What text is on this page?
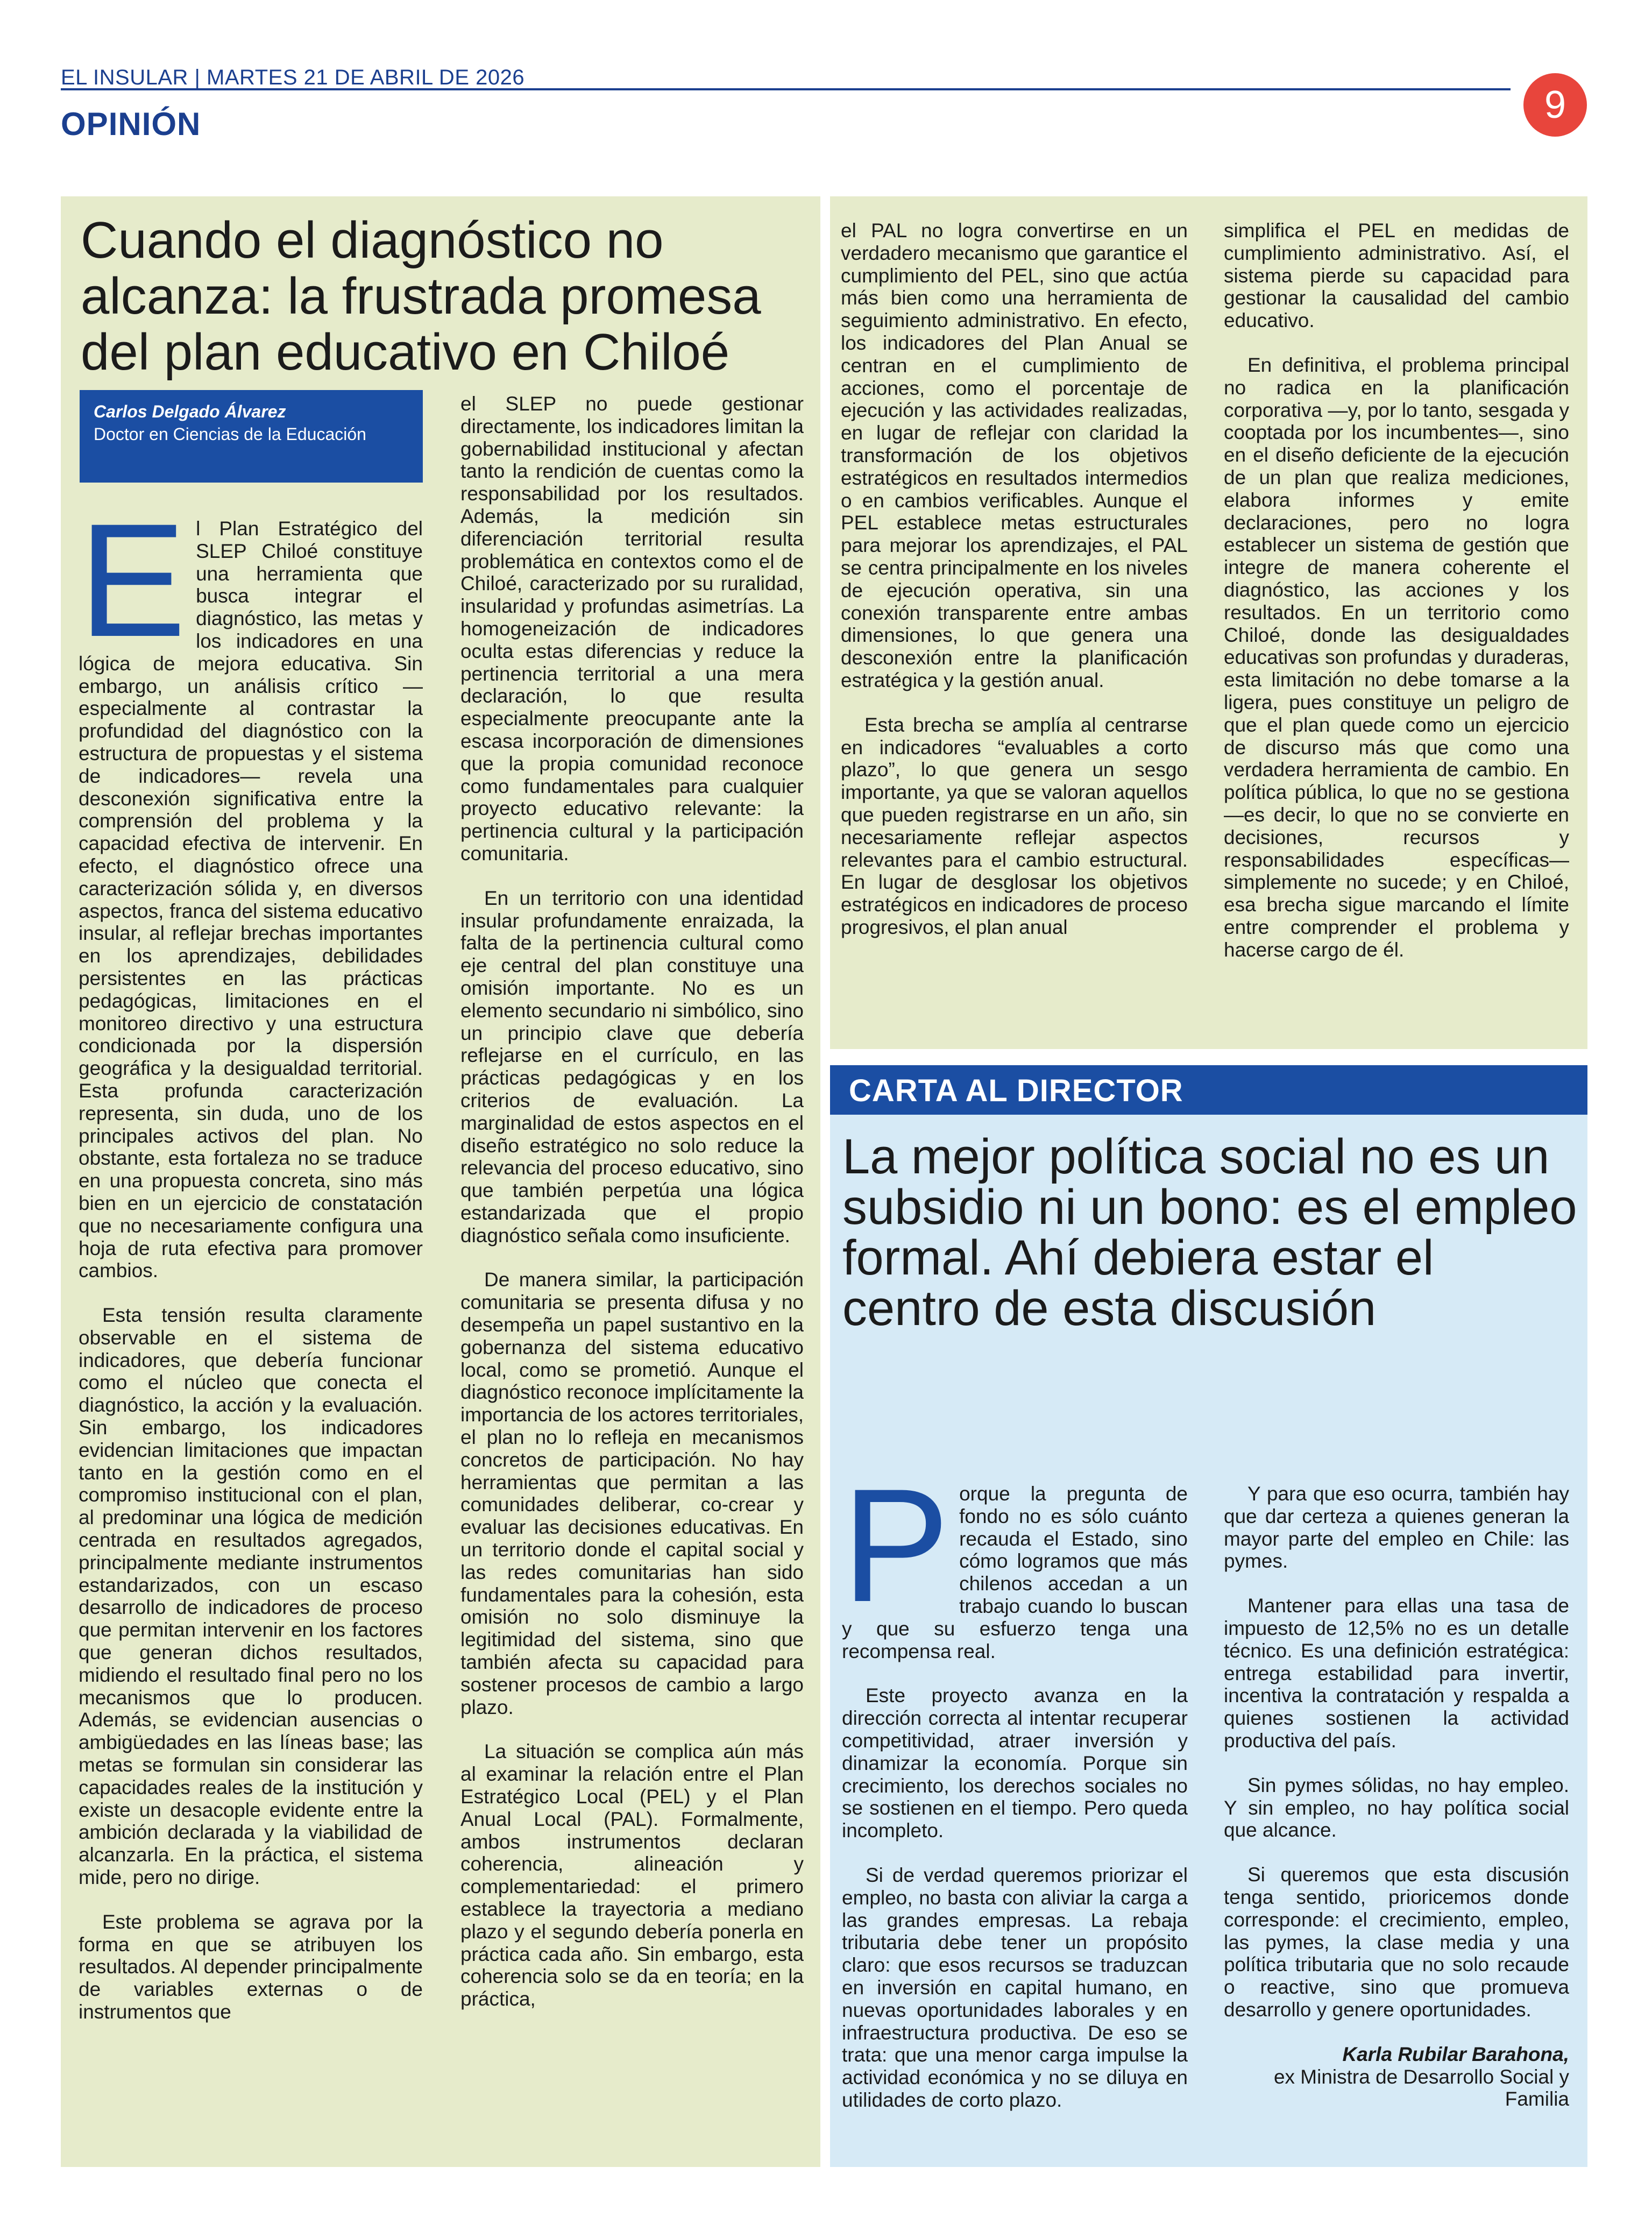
EL INSULAR | MARTES 21 DE ABRIL DE 2026
OPINIÓN	9
Cuando el diagnóstico no alcanza: la frustrada promesa del plan educativo en Chiloé
Carlos Delgado Álvarez
Doctor en Ciencias de la Educación

El Plan Estratégico del SLEP Chiloé constituye una herramienta que busca integrar el diagnóstico, las metas y los indicadores en una lógica de mejora educativa. Sin embargo, un análisis crítico —especialmente al contrastar la profundidad del diagnóstico con la estructura de propuestas y el sistema de indicadores— revela una desconexión significativa entre la comprensión del problema y la capacidad efectiva de intervenir. En efecto, el diagnóstico ofrece una caracterización sólida y, en diversos aspectos, franca del sistema educativo insular, al reflejar brechas importantes en los aprendizajes, debilidades persistentes en las prácticas pedagógicas, limitaciones en el monitoreo directivo y una estructura condicionada por la dispersión geográfica y la desigualdad territorial. Esta profunda caracterización representa, sin duda, uno de los principales activos del plan. No obstante, esta fortaleza no se traduce en una propuesta concreta, sino más bien en un ejercicio de constatación que no necesariamente configura una hoja de ruta efectiva para promover cambios.

Esta tensión resulta claramente observable en el sistema de indicadores, que debería funcionar como el núcleo que conecta el diagnóstico, la acción y la evaluación. Sin embargo, los indicadores evidencian limitaciones que impactan tanto en la gestión como en el compromiso institucional con el plan, al predominar una lógica de medición centrada en resultados agregados, principalmente mediante instrumentos estandarizados, con un escaso desarrollo de indicadores de proceso que permitan intervenir en los factores que generan dichos resultados, midiendo el resultado final pero no los mecanismos que lo producen. Además, se evidencian ausencias o ambigüedades en las líneas base; las metas se formulan sin considerar las capacidades reales de la institución y existe un desacople evidente entre la ambición declarada y la viabilidad de alcanzarla. En la práctica, el sistema mide, pero no dirige.

Este problema se agrava por la forma en que se atribuyen los resultados. Al depender principalmente de variables externas o de instrumentos que

el SLEP no puede gestionar directamente, los indicadores limitan la gobernabilidad institucional y afectan tanto la rendición de cuentas como la responsabilidad por los resultados. Además, la medición sin diferenciación territorial resulta problemática en contextos como el de Chiloé, caracterizado por su ruralidad, insularidad y profundas asimetrías. La homogeneización de indicadores oculta estas diferencias y reduce la pertinencia territorial a una mera declaración, lo que resulta especialmente preocupante ante la escasa incorporación de dimensiones que la propia comunidad reconoce como fundamentales para cualquier proyecto educativo relevante: la pertinencia cultural y la participación comunitaria.

En un territorio con una identidad insular profundamente enraizada, la falta de la pertinencia cultural como eje central del plan constituye una omisión importante. No es un elemento secundario ni simbólico, sino un principio clave que debería reflejarse en el currículo, en las prácticas pedagógicas y en los criterios de evaluación. La marginalidad de estos aspectos en el diseño estratégico no solo reduce la relevancia del proceso educativo, sino que también perpetúa una lógica estandarizada que el propio diagnóstico señala como insuficiente.

De manera similar, la participación comunitaria se presenta difusa y no desempeña un papel sustantivo en la gobernanza del sistema educativo local, como se prometió. Aunque el diagnóstico reconoce implícitamente la importancia de los actores territoriales, el plan no lo refleja en mecanismos concretos de participación. No hay herramientas que permitan a las comunidades deliberar, co-crear y evaluar las decisiones educativas. En un territorio donde el capital social y las redes comunitarias han sido fundamentales para la cohesión, esta omisión no solo disminuye la legitimidad del sistema, sino que también afecta su capacidad para sostener procesos de cambio a largo plazo.

La situación se complica aún más al examinar la relación entre el Plan Estratégico Local (PEL) y el Plan Anual Local (PAL). Formalmente, ambos instrumentos declaran coherencia, alineación y complementariedad: el primero establece la trayectoria a mediano plazo y el segundo debería ponerla en práctica cada año. Sin embargo, esta coherencia solo se da en teoría; en la práctica,

el PAL no logra convertirse en un verdadero mecanismo que garantice el cumplimiento del PEL, sino que actúa más bien como una herramienta de seguimiento administrativo. En efecto, los indicadores del Plan Anual se centran en el cumplimiento de acciones, como el porcentaje de ejecución y las actividades realizadas, en lugar de reflejar con claridad la transformación de los objetivos estratégicos en resultados intermedios o en cambios verificables. Aunque el PEL establece metas estructurales para mejorar los aprendizajes, el PAL se centra principalmente en los niveles de ejecución operativa, sin una conexión transparente entre ambas dimensiones, lo que genera una desconexión entre la planificación estratégica y la gestión anual.

Esta brecha se amplía al centrarse en indicadores “evaluables a corto plazo”, lo que genera un sesgo importante, ya que se valoran aquellos que pueden registrarse en un año, sin necesariamente reflejar aspectos relevantes para el cambio estructural. En lugar de desglosar los objetivos estratégicos en indicadores de proceso progresivos, el plan anual

simplifica el PEL en medidas de cumplimiento administrativo. Así, el sistema pierde su capacidad para gestionar la causalidad del cambio educativo.

En definitiva, el problema principal no radica en la planificación corporativa —y, por lo tanto, sesgada y cooptada por los incumbentes—, sino en el diseño deficiente de la ejecución de un plan que realiza mediciones, elabora informes y emite declaraciones, pero no logra establecer un sistema de gestión que integre de manera coherente el diagnóstico, las acciones y los resultados. En un territorio como Chiloé, donde las desigualdades educativas son profundas y duraderas, esta limitación no debe tomarse a la ligera, pues constituye un peligro de que el plan quede como un ejercicio de discurso más que como una verdadera herramienta de cambio. En política pública, lo que no se gestiona —es decir, lo que no se convierte en decisiones, recursos y responsabilidades específicas— simplemente no sucede; y en Chiloé, esa brecha sigue marcando el límite entre comprender el problema y hacerse cargo de él.

CARTA AL DIRECTOR
La mejor política social no es un subsidio ni un bono: es el empleo formal. Ahí debiera estar el centro de esta discusión

Porque la pregunta de fondo no es sólo cuánto recauda el Estado, sino cómo logramos que más chilenos accedan a un trabajo cuando lo buscan y que su esfuerzo tenga una recompensa real.

Este proyecto avanza en la dirección correcta al intentar recuperar competitividad, atraer inversión y dinamizar la economía. Porque sin crecimiento, los derechos sociales no se sostienen en el tiempo. Pero queda incompleto.

Si de verdad queremos priorizar el empleo, no basta con aliviar la carga a las grandes empresas. La rebaja tributaria debe tener un propósito claro: que esos recursos se traduzcan en inversión en capital humano, en nuevas oportunidades laborales y en infraestructura productiva. De eso se trata: que una menor carga impulse la actividad económica y no se diluya en utilidades de corto plazo.

Y para que eso ocurra, también hay que dar certeza a quienes generan la mayor parte del empleo en Chile: las pymes.

Mantener para ellas una tasa de impuesto de 12,5% no es un detalle técnico. Es una definición estratégica: entrega estabilidad para invertir, incentiva la contratación y respalda a quienes sostienen la actividad productiva del país.

Sin pymes sólidas, no hay empleo. Y sin empleo, no hay política social que alcance.

Si queremos que esta discusión tenga sentido, prioricemos donde corresponde: el crecimiento, empleo, las pymes, la clase media y una política tributaria que no solo recaude o reactive, sino que promueva desarrollo y genere oportunidades.

Karla Rubilar Barahona,

ex Ministra de Desarrollo Social y Familia
